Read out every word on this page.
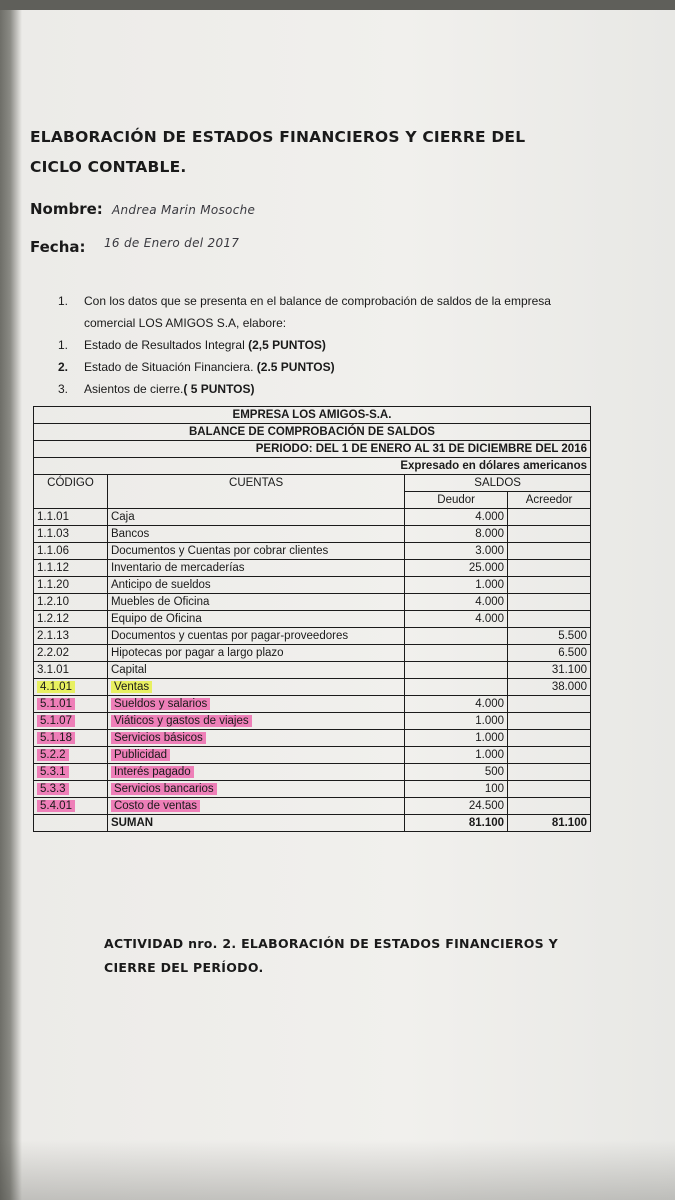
ELABORACIÓN DE ESTADOS FINANCIEROS Y CIERRE DEL
CICLO CONTABLE.
Nombre: Andrea Marin Mosoche
Fecha: 16 de Enero del 2017
1.	Con los datos que se presenta en el balance de comprobación de saldos de la empresa
comercial LOS AMIGOS S.A, elabore:
1.	Estado de Resultados Integral (2,5 PUNTOS)
2.	Estado de Situación Financiera. (2.5 PUNTOS)
3.	Asientos de cierre.( 5 PUNTOS)
EMPRESA LOS AMIGOS-S.A.			
BALANCE DE COMPROBACIÓN DE SALDOS			
PERIODO: DEL 1 DE ENERO AL 31 DE DICIEMBRE DEL 2016			
Expresado en dólares americanos			
CÓDIGO	CUENTAS	SALDOS	
		Deudor	Acreedor
1.1.01	Caja	4.000	
1.1.03	Bancos	8.000	
1.1.06	Documentos y Cuentas por cobrar clientes	3.000	
1.1.12	Inventario de mercaderías	25.000	
1.1.20	Anticipo de sueldos	1.000	
1.2.10	Muebles de Oficina	4.000	
1.2.12	Equipo de Oficina	4.000	
2.1.13	Documentos y cuentas por pagar-proveedores		5.500
2.2.02	Hipotecas por pagar a largo plazo		6.500
3.1.01	Capital		31.100
4.1.01	Ventas		38.000
5.1.01	Sueldos y salarios	4.000	
5.1.07	Viáticos y gastos de viajes	1.000	
5.1.18	Servicios básicos	1.000	
5.2.2	Publicidad	1.000	
5.3.1	Interés pagado	500	
5.3.3	Servicios bancarios	100	
5.4.01	Costo de ventas	24.500	
	SUMAN	81.100	81.100
ACTIVIDAD nro. 2. ELABORACIÓN DE ESTADOS FINANCIEROS Y
CIERRE DEL PERÍODO.
